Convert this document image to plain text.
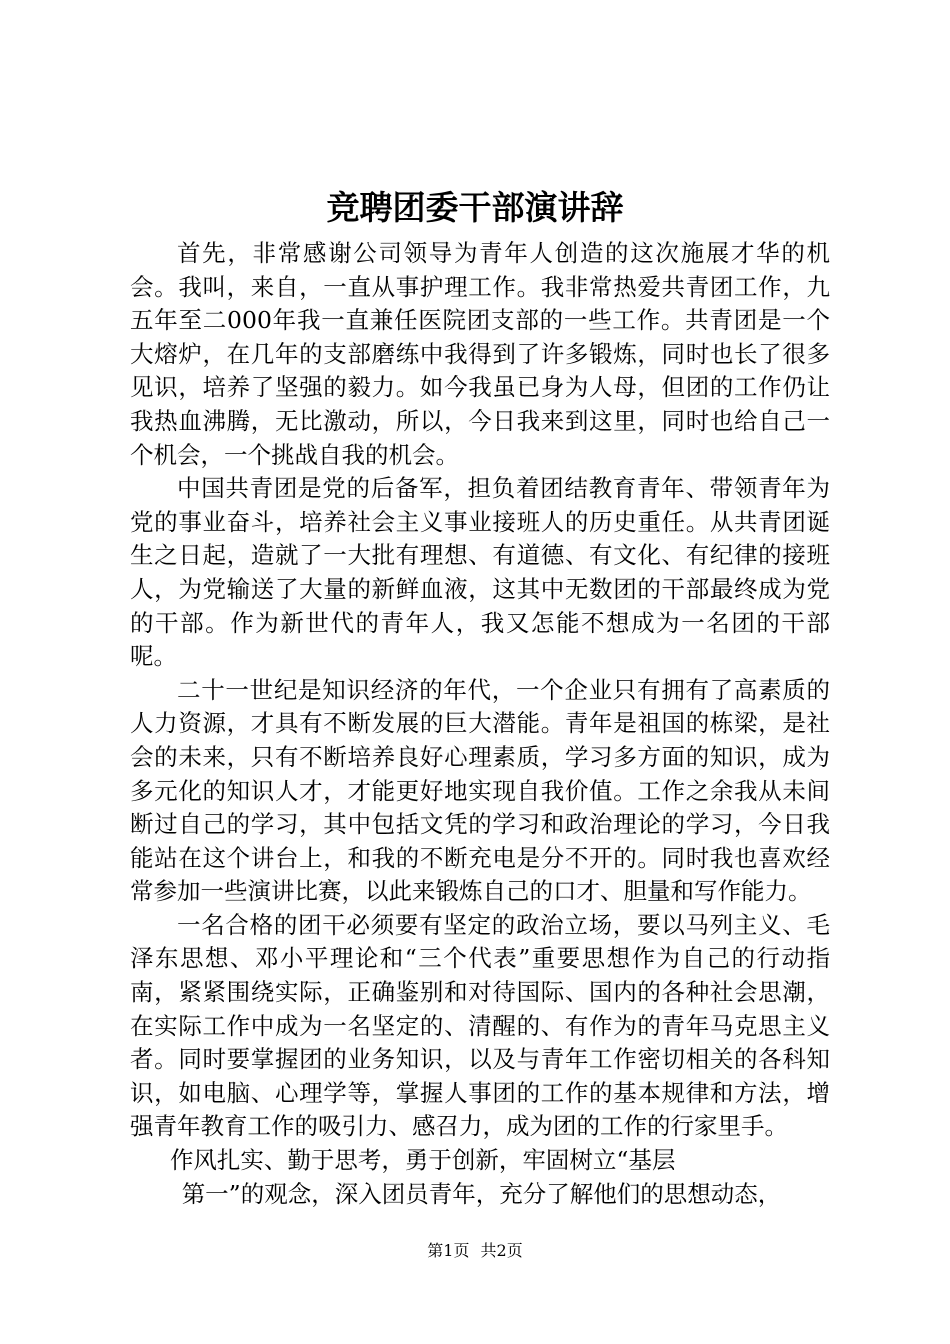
竞聘团委干部演讲辞

首先，非常感谢公司领导为青年人创造的这次施展才华的机会。我叫，来自，一直从事护理工作。我非常热爱共青团工作，九五年至二000年我一直兼任医院团支部的一些工作。共青团是一个大熔炉，在几年的支部磨练中我得到了许多锻炼，同时也长了很多见识，培养了坚强的毅力。如今我虽已身为人母，但团的工作仍让我热血沸腾，无比激动，所以，今日我来到这里，同时也给自己一个机会，一个挑战自我的机会。

中国共青团是党的后备军，担负着团结教育青年、带领青年为党的事业奋斗，培养社会主义事业接班人的历史重任。从共青团诞生之日起，造就了一大批有理想、有道德、有文化、有纪律的接班人，为党输送了大量的新鲜血液，这其中无数团的干部最终成为党的干部。作为新世代的青年人，我又怎能不想成为一名团的干部呢。

二十一世纪是知识经济的年代，一个企业只有拥有了高素质的人力资源，才具有不断发展的巨大潜能。青年是祖国的栋梁，是社会的未来，只有不断培养良好心理素质，学习多方面的知识，成为多元化的知识人才，才能更好地实现自我价值。工作之余我从未间断过自己的学习，其中包括文凭的学习和政治理论的学习，今日我能站在这个讲台上，和我的不断充电是分不开的。同时我也喜欢经常参加一些演讲比赛，以此来锻炼自己的口才、胆量和写作能力。

一名合格的团干必须要有坚定的政治立场，要以马列主义、毛泽东思想、邓小平理论和“三个代表”重要思想作为自己的行动指南，紧紧围绕实际，正确鉴别和对待国际、国内的各种社会思潮，在实际工作中成为一名坚定的、清醒的、有作为的青年马克思主义者。同时要掌握团的业务知识，以及与青年工作密切相关的各科知识，如电脑、心理学等，掌握人事团的工作的基本规律和方法，增强青年教育工作的吸引力、感召力，成为团的工作的行家里手。

作风扎实、勤于思考，勇于创新，牢固树立“基层

第一”的观念，深入团员青年，充分了解他们的思想动态，

第1页 共2页
